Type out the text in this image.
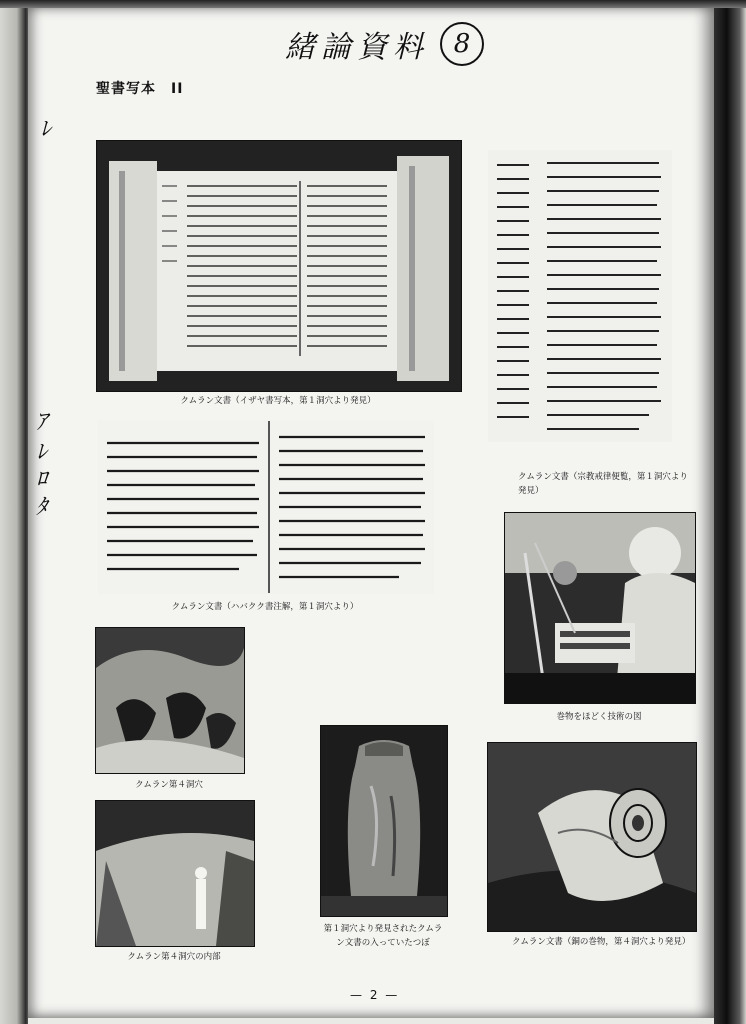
緒論資料 8
聖書写本　II
ﾚ
ｱ
ﾚ
ﾛ
ﾀ
クムラン文書（イザヤ書写本，第１洞穴より発見）
クムラン文書（宗教戒律便覧，第１洞穴より発見）
クムラン文書（ハバクク書注解，第１洞穴より）
巻物をほどく技術の図
クムラン第４洞穴
クムラン第４洞穴の内部
第１洞穴より発見されたクムラン文書の入っていたつぼ	クムラン文書（銅の巻物，第４洞穴より発見）
— 2 —
